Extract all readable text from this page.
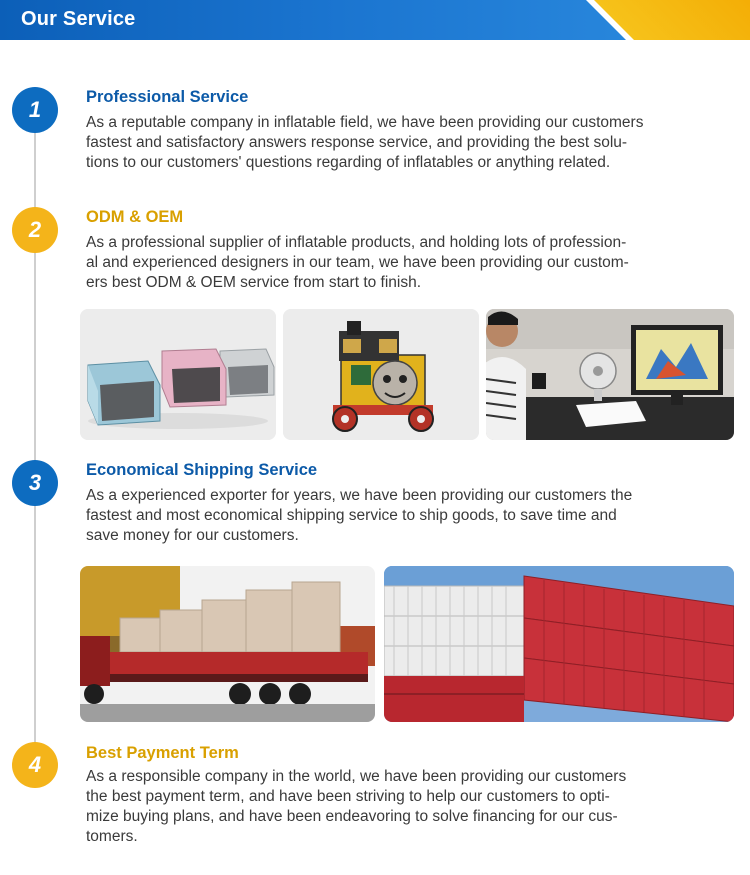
Our Service
1	Professional Service
As a reputable company in inflatable field, we have been providing our customers
fastest and satisfactory answers response service, and providing the best solu-
tions to our customers' questions regarding of inflatables or anything related.
2	ODM & OEM
As a professional supplier of inflatable products, and holding lots of profession-
al and experienced designers in our team, we have been providing our custom-
ers best ODM & OEM service from start to finish.
3	Economical Shipping Service
As a experienced exporter for years, we have been providing our customers the
fastest and most economical shipping service to ship goods, to save time and
save money for our customers.
4	Best Payment Term
As a responsible company in the world, we have been providing our customers
the best payment term, and have been striving to help our customers to opti-
mize buying plans, and have been endeavoring to solve financing for our cus-
tomers.
